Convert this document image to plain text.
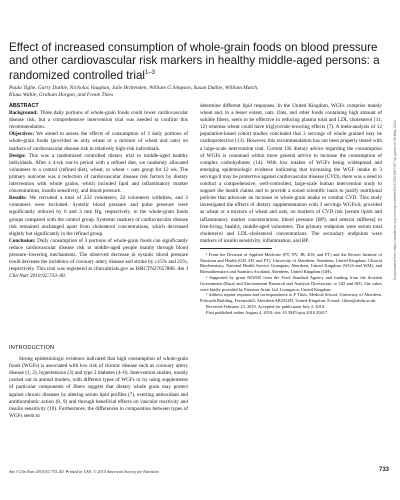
Downloaded from https://academic.oup.com/ajcn/article/92/4/733/4597487 by guest on 05 May 2022
Effect of increased consumption of whole-grain foods on blood pressure and other cardiovascular risk markers in healthy middle-aged persons: a randomized controlled trial$^{1-3}$
Paula Tighe, Garry Duthie, Nicholas Vaughan, Julie Brittenden, William G Simpson, Susan Duthie, William Mutch,
Klaus Wahle, Graham Horgan, and Frank Thies
ABSTRACT

Background: Three daily portions of whole-grain foods could lower cardiovascular disease risk, but a comprehensive intervention trial was needed to confirm this recommendation.

Objectives: We aimed to assess the effects of consumption of 3 daily portions of whole-grain foods (provided as only wheat or a mixture of wheat and oats) on markers of cardiovascular disease risk in relatively high-risk individuals.

Design: This was a randomized controlled dietary trial in middle-aged healthy individuals. After a 4-wk run-in period with a refined diet, we randomly allocated volunteers to a control (refined diet), wheat, or wheat + oats group for 12 wk. The primary outcome was a reduction of cardiovascular disease risk factors by dietary intervention with whole grains, which included lipid and inflammatory marker concentrations, insulin sensitivity, and blood pressure.

Results: We recruited a total of 233 volunteers; 24 volunteers withdrew, and 3 volunteers were excluded. Systolic blood pressure and pulse pressure were significantly reduced by 6 and 3 mm Hg, respectively, in the whole-grain foods groups compared with the control group. Systemic markers of cardiovascular disease risk remained unchanged apart from cholesterol concentrations, which decreased slightly but significantly in the refined group.

Conclusion: Daily consumption of 3 portions of whole-grain foods can significantly reduce cardiovascular disease risk in middle-aged people mainly through blood pressure–lowering mechanisms. The observed decrease in systolic blood pressure could decrease the incidence of coronary artery disease and stroke by ≥15% and 25%, respectively. This trial was registered at clinicaltrials.gov as ISRCTN27657880. Am J Clin Nutr 2010;92:733–40.

INTRODUCTION

Strong epidemiologic evidence indicated that high consumption of whole-grain foods (WGFs) is associated with low risk of chronic disease such as coronary artery disease (1, 2), hypertension (3) and type 2 diabetes (4–6). Intervention studies, mostly carried out in animal models, with different types of WGFs or by using supplements of particular components of fibers suggest that dietary whole grain may protect against chronic diseases by altering serum lipid profiles (7), exerting antioxidant and antithrombotic action (8, 9) and through beneficial effects on vascular reactivity and insulin sensitivity (10). Furthermore, the differences in composition between types of WGFs seem to

determine different lipid responses. In the United Kingdom, WGFs comprise mainly wheat and, to a lesser extent, oats. Oats, and other foods containing high amount of soluble fibers, seem to be effective in reducing plasma total and LDL cholesterol (11, 12) whereas wheat could have triglyceride-lowering effects (7). A meta-analysis of 12 population-based cohort studies concluded that 3 servings of whole grained may be cardioprotective (13). However, this recommendation has not been properly tested with a large-scale intervention trial. Current UK dietary advice regarding the consumption of WGFs is contained within more general advice to increase the consumption of complex carbohydrates (14). With low intakes of WGFs being widespread and emerging epidemiologic evidence indicating that increasing the WGF intake to 3 servings/d may be protective against cardiovascular disease (CVD), there was a need to conduct a comprehensive, well-controlled, large-scale human intervention study to support the health claims and to provide a sound scientific basis to justify nutritional policies that advocate an increase in whole-grain intake to combat CVD. This study investigated the effects of dietary supplementation with 3 servings WGFs/d, provided as wheat or a mixture of wheat and oats, on markers of CVD risk [serum lipids and inflammatory marker concentrations, blood pressure (BP), and arterial stiffness] in free-living, healthy, middle-aged volunteers. The primary endpoints were serum total cholesterol and LDL-cholesterol concentrations. The secondary endpoints were markers of insulin sensitivity, inflammation, and BP.

¹ From the Division of Applied Medicine (PT, NV, JB, KW, and FT) and the Rowett Institute of Nutrition and Health (GD, SD, and FT), University of Aberdeen, Aberdeen, United Kingdom; Clinical Biochemistry, National Health Service Grampian, Aberdeen, United Kingdom (WGS and WM); and Biomathematics and Statistics Scotland, Aberdeen, United Kingdom (GH).

² Supported by grant N02035 from the Food Standard Agency and funding from the Scottish Government (Rural and Environment Research and Analysis Directorate; to GD and SD). Oat cakes were kindly provided by Paterson Arran Ltd, Livingston, United Kingdom.

³ Address reprint requests and correspondence to F Thies, Medical School, University of Aberdeen, Polwarth Building, Foresterhill, Aberdeen AB252ZD, United Kingdom. E-mail: f.thies@abdn.ac.uk.

Received February 23, 2010. Accepted for publication July 2, 2010.

First published online August 4, 2010; doi: 10.3945/ajcn.2010.29417.

Am J Clin Nutr 2010;92:733–40. Printed in USA. © 2010 American Society for Nutrition	733
